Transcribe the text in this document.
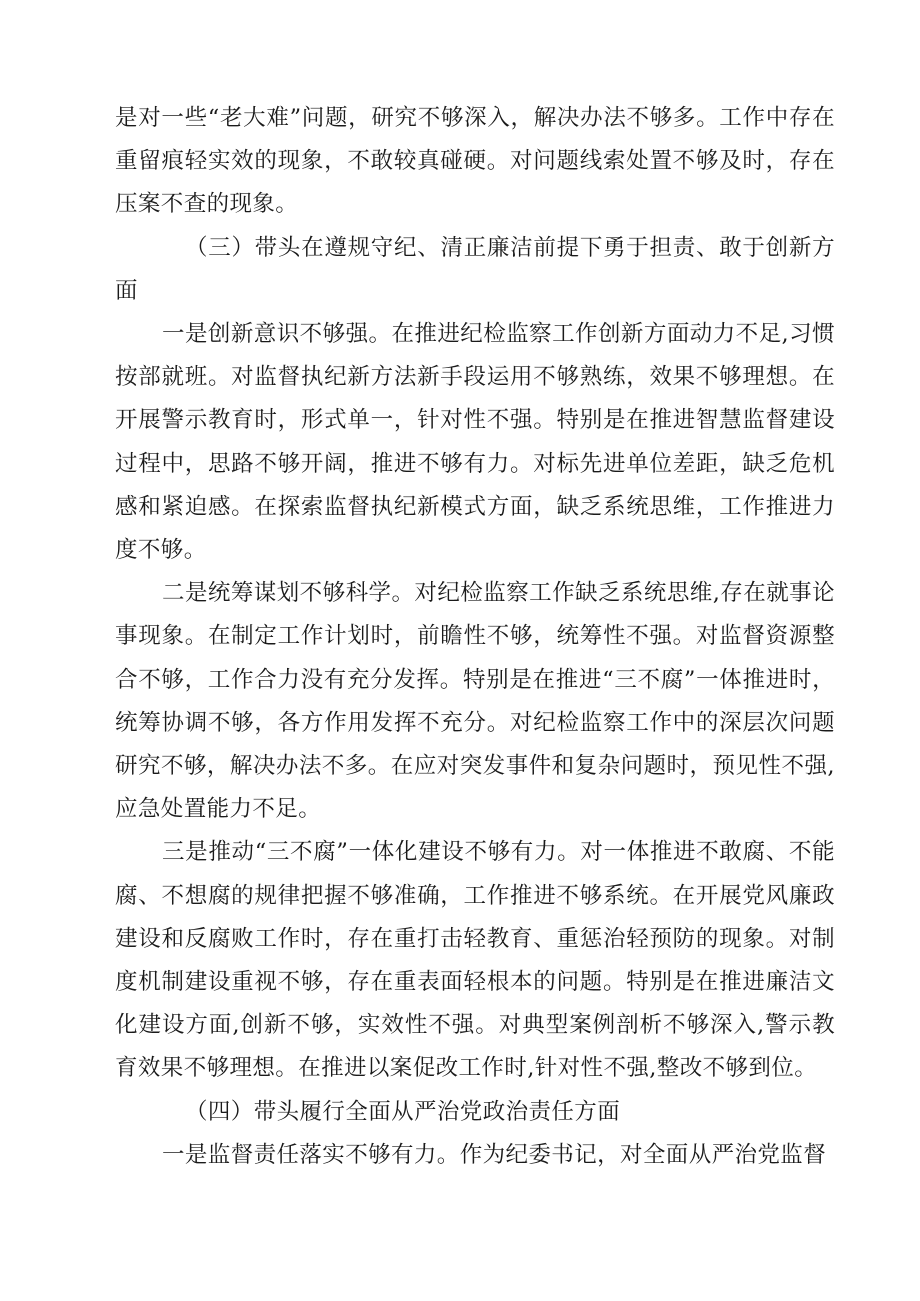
是对一些“老大难”问题，研究不够深入，解决办法不够多。工作中存在重留痕轻实效的现象，不敢较真碰硬。对问题线索处置不够及时，存在压案不查的现象。

（三）带头在遵规守纪、清正廉洁前提下勇于担责、敢于创新方面

一是创新意识不够强。在推进纪检监察工作创新方面动力不足,习惯按部就班。对监督执纪新方法新手段运用不够熟练，效果不够理想。在开展警示教育时，形式单一，针对性不强。特别是在推进智慧监督建设过程中，思路不够开阔，推进不够有力。对标先进单位差距，缺乏危机感和紧迫感。在探索监督执纪新模式方面，缺乏系统思维，工作推进力度不够。

二是统筹谋划不够科学。对纪检监察工作缺乏系统思维,存在就事论事现象。在制定工作计划时，前瞻性不够，统筹性不强。对监督资源整合不够，工作合力没有充分发挥。特别是在推进“三不腐”一体推进时，统筹协调不够，各方作用发挥不充分。对纪检监察工作中的深层次问题研究不够，解决办法不多。在应对突发事件和复杂问题时，预见性不强,应急处置能力不足。

三是推动“三不腐”一体化建设不够有力。对一体推进不敢腐、不能腐、不想腐的规律把握不够准确，工作推进不够系统。在开展党风廉政建设和反腐败工作时，存在重打击轻教育、重惩治轻预防的现象。对制度机制建设重视不够，存在重表面轻根本的问题。特别是在推进廉洁文化建设方面,创新不够，实效性不强。对典型案例剖析不够深入,警示教育效果不够理想。在推进以案促改工作时,针对性不强,整改不够到位。

（四）带头履行全面从严治党政治责任方面

一是监督责任落实不够有力。作为纪委书记，对全面从严治党监督
